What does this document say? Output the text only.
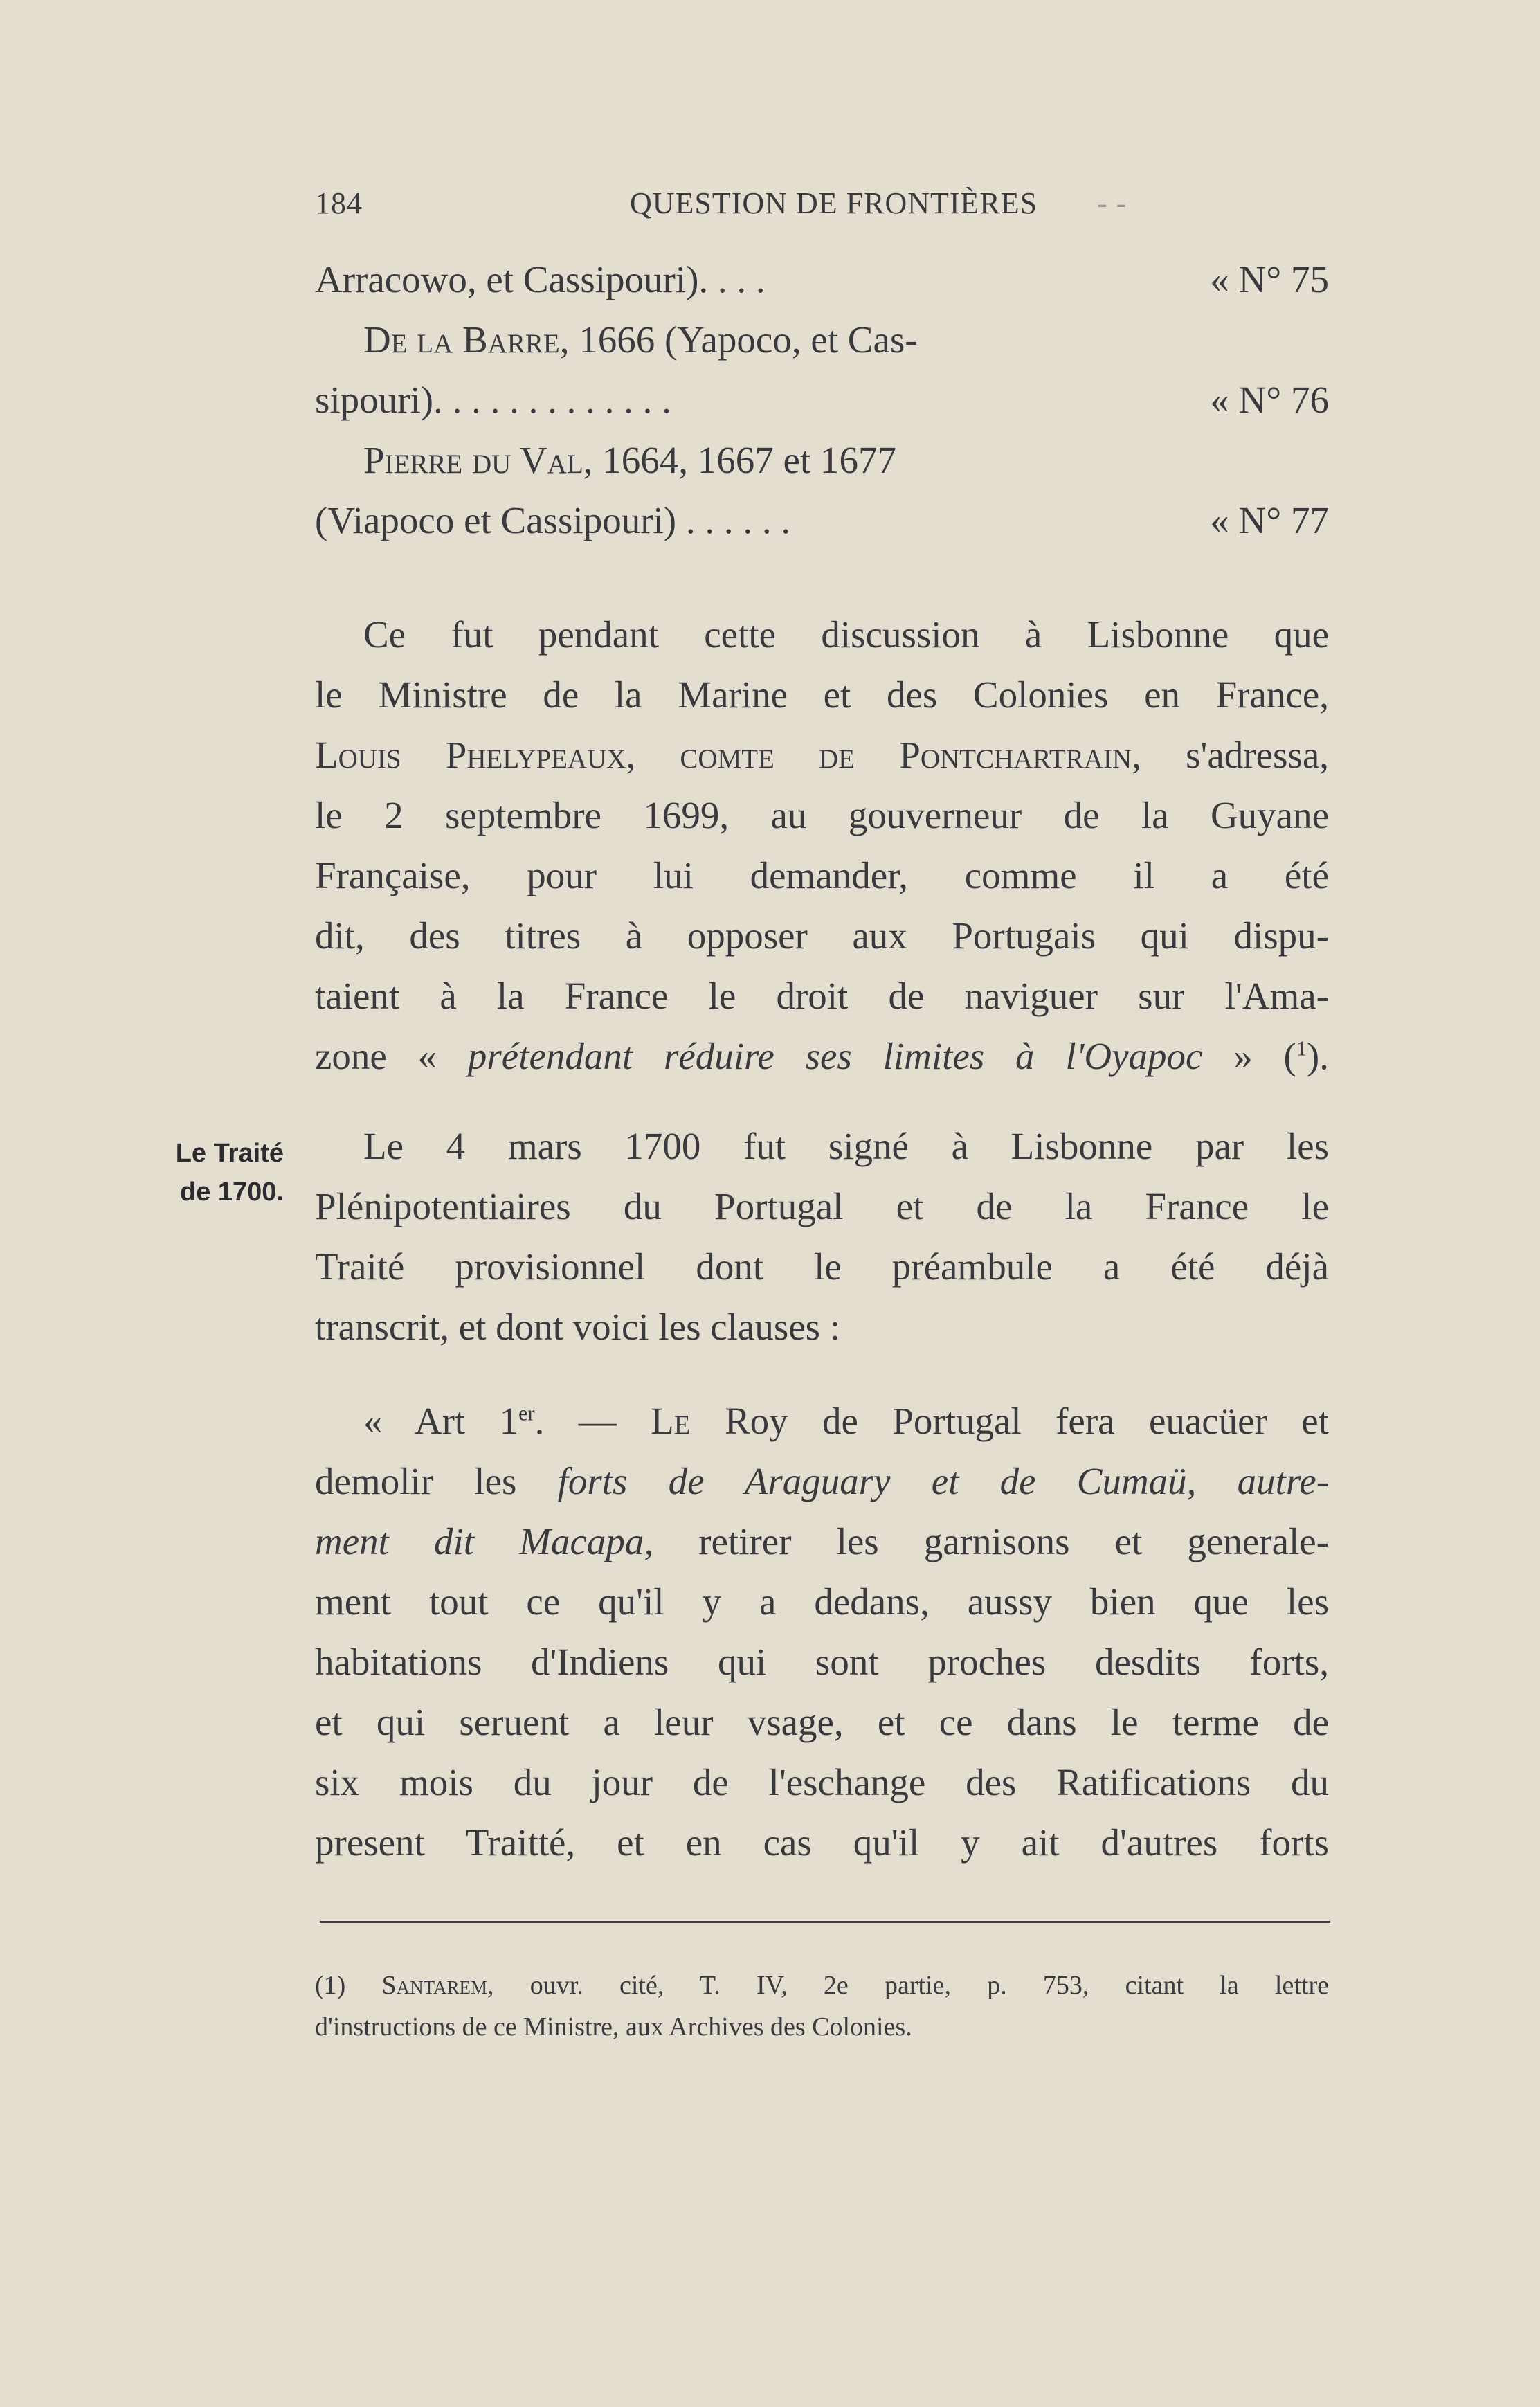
184	QUESTION DE FRONTIÈRES - -
Arracowo, et Cassipouri). . . .	« N° 75
De la Barre, 1666 (Yapoco, et Cas-
sipouri). . . . . . . . . . . . .	« N° 76
Pierre du Val, 1664, 1667 et 1677
(Viapoco et Cassipouri) . . . . . .	« N° 77
Ce fut pendant cette discussion à Lisbonne que
le Ministre de la Marine et des Colonies en France,
Louis Phelypeaux, comte de Pontchartrain, s'adressa,
le 2 septembre 1699, au gouverneur de la Guyane
Française, pour lui demander, comme il a été
dit, des titres à opposer aux Portugais qui dispu-
taient à la France le droit de naviguer sur l'Ama-
zone « prétendant réduire ses limites à l'Oyapoc » ($^1$).
Le Traité
de 1700.
Le 4 mars 1700 fut signé à Lisbonne par les
Plénipotentiaires du Portugal et de la France le
Traité provisionnel dont le préambule a été déjà
transcrit, et dont voici les clauses :
« Art 1er. — Le Roy de Portugal fera euacüer et
demolir les forts de Araguary et de Cumaü, autre-
ment dit Macapa, retirer les garnisons et generale-
ment tout ce qu'il y a dedans, aussy bien que les
habitations d'Indiens qui sont proches desdits forts,
et qui seruent a leur vsage, et ce dans le terme de
six mois du jour de l'eschange des Ratifications du
present Traitté, et en cas qu'il y ait d'autres forts
(1) Santarem, ouvr. cité, T. IV, 2e partie, p. 753, citant la lettre
d'instructions de ce Ministre, aux Archives des Colonies.
